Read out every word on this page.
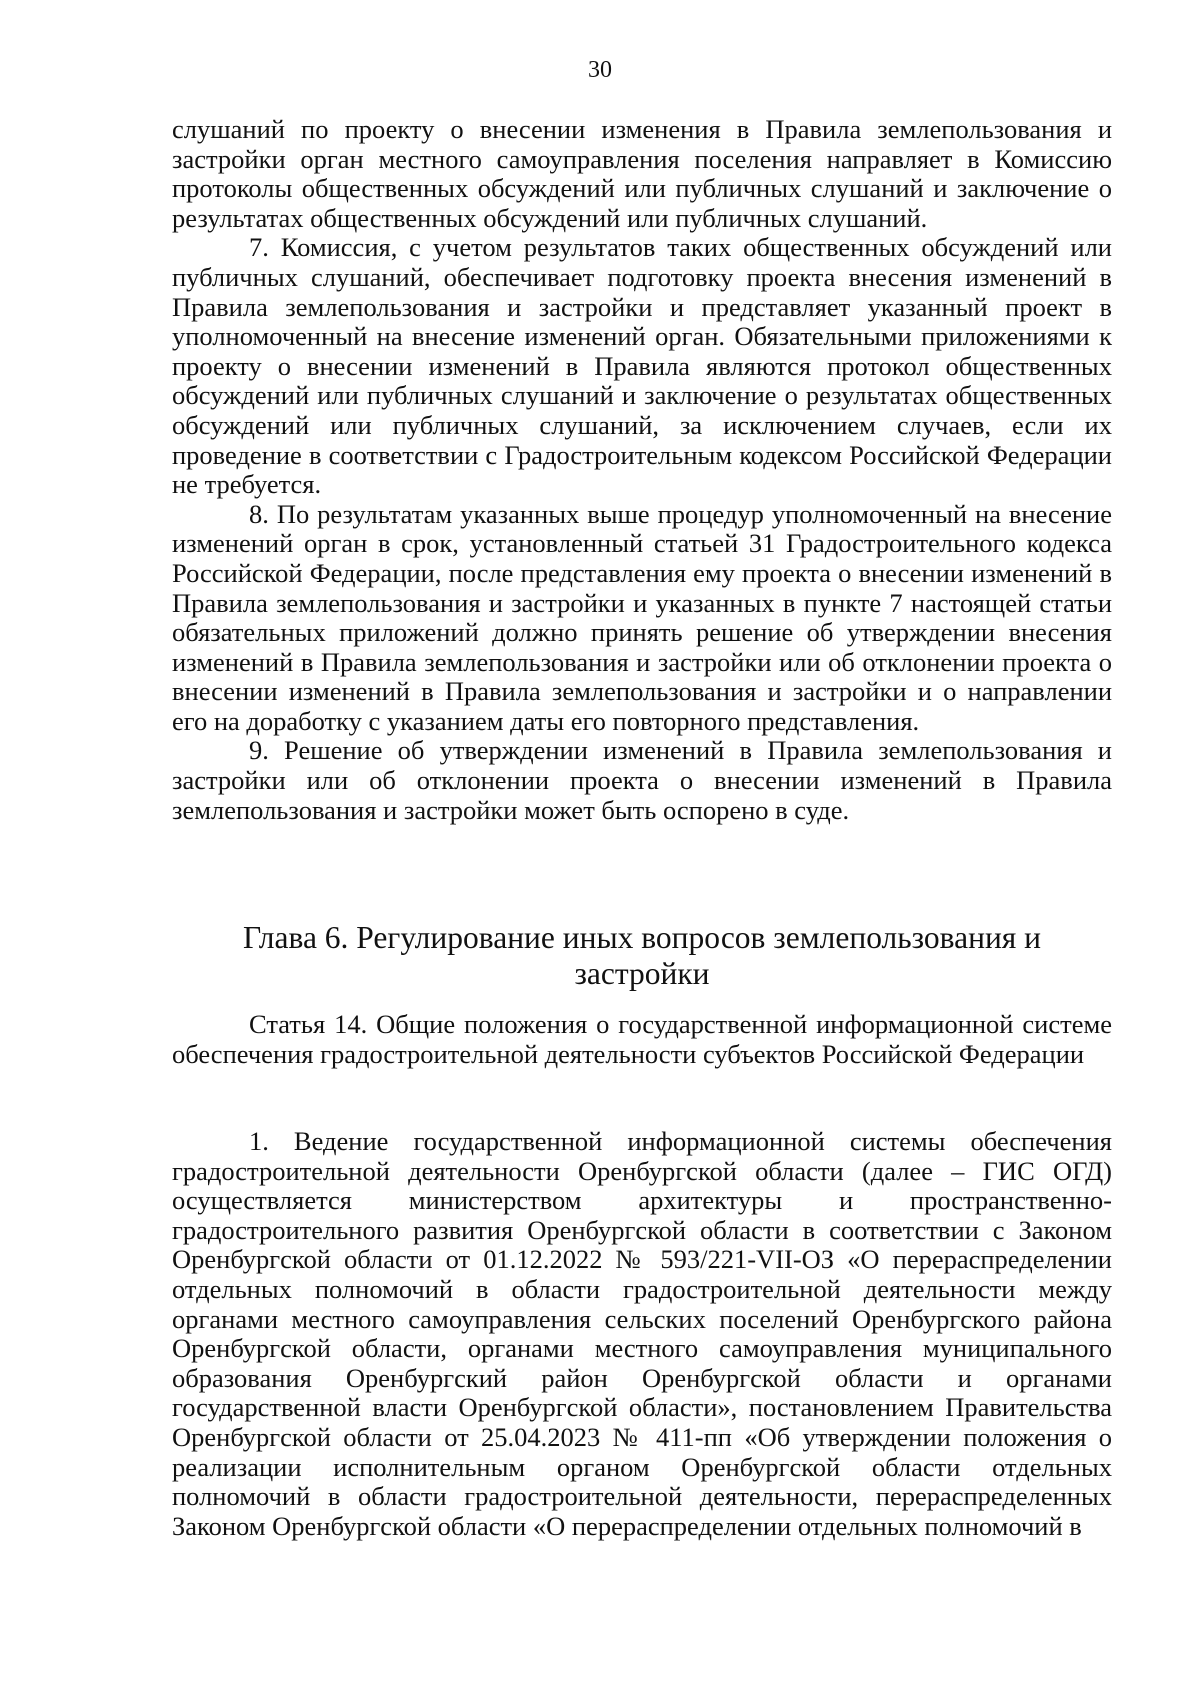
30

слушаний по проекту о внесении изменения в Правила землепользования и застройки орган местного самоуправления поселения направляет в Комиссию протоколы общественных обсуждений или публичных слушаний и заключение о результатах общественных обсуждений или публичных слушаний.

7. Комиссия, с учетом результатов таких общественных обсуждений или публичных слушаний, обеспечивает подготовку проекта внесения изменений в Правила землепользования и застройки и представляет указанный проект в уполномоченный на внесение изменений орган. Обязательными приложениями к проекту о внесении изменений в Правила являются протокол общественных обсуждений или публичных слушаний и заключение о результатах общественных обсуждений или публичных слушаний, за исключением случаев, если их проведение в соответствии с Градостроительным кодексом Российской Федерации не требуется.

8. По результатам указанных выше процедур уполномоченный на внесение изменений орган в срок, установленный статьей 31 Градостроительного кодекса Российской Федерации, после представления ему проекта о внесении изменений в Правила землепользования и застройки и указанных в пункте 7 настоящей статьи обязательных приложений должно принять решение об утверждении внесения изменений в Правила землепользования и застройки или об отклонении проекта о внесении изменений в Правила землепользования и застройки и о направлении его на доработку с указанием даты его повторного представления.

9. Решение об утверждении изменений в Правила землепользования и застройки или об отклонении проекта о внесении изменений в Правила землепользования и застройки может быть оспорено в суде.

Глава 6. Регулирование иных вопросов землепользования и застройки
Статья 14. Общие положения о государственной информационной системе обеспечения градостроительной деятельности субъектов Российской Федерации

1. Ведение государственной информационной системы обеспечения градостроительной деятельности Оренбургской области (далее – ГИС ОГД) осуществляется министерством архитектуры и пространственно-градостроительного развития Оренбургской области в соответствии с Законом Оренбургской области от 01.12.2022 № 593/221-VII-ОЗ «О перераспределении отдельных полномочий в области градостроительной деятельности между органами местного самоуправления сельских поселений Оренбургского района Оренбургской области, органами местного самоуправления муниципального образования Оренбургский район Оренбургской области и органами государственной власти Оренбургской области», постановлением Правительства Оренбургской области от 25.04.2023 № 411-пп «Об утверждении положения о реализации исполнительным органом Оренбургской области отдельных полномочий в области градостроительной деятельности, перераспределенных Законом Оренбургской области «О перераспределении отдельных полномочий в
